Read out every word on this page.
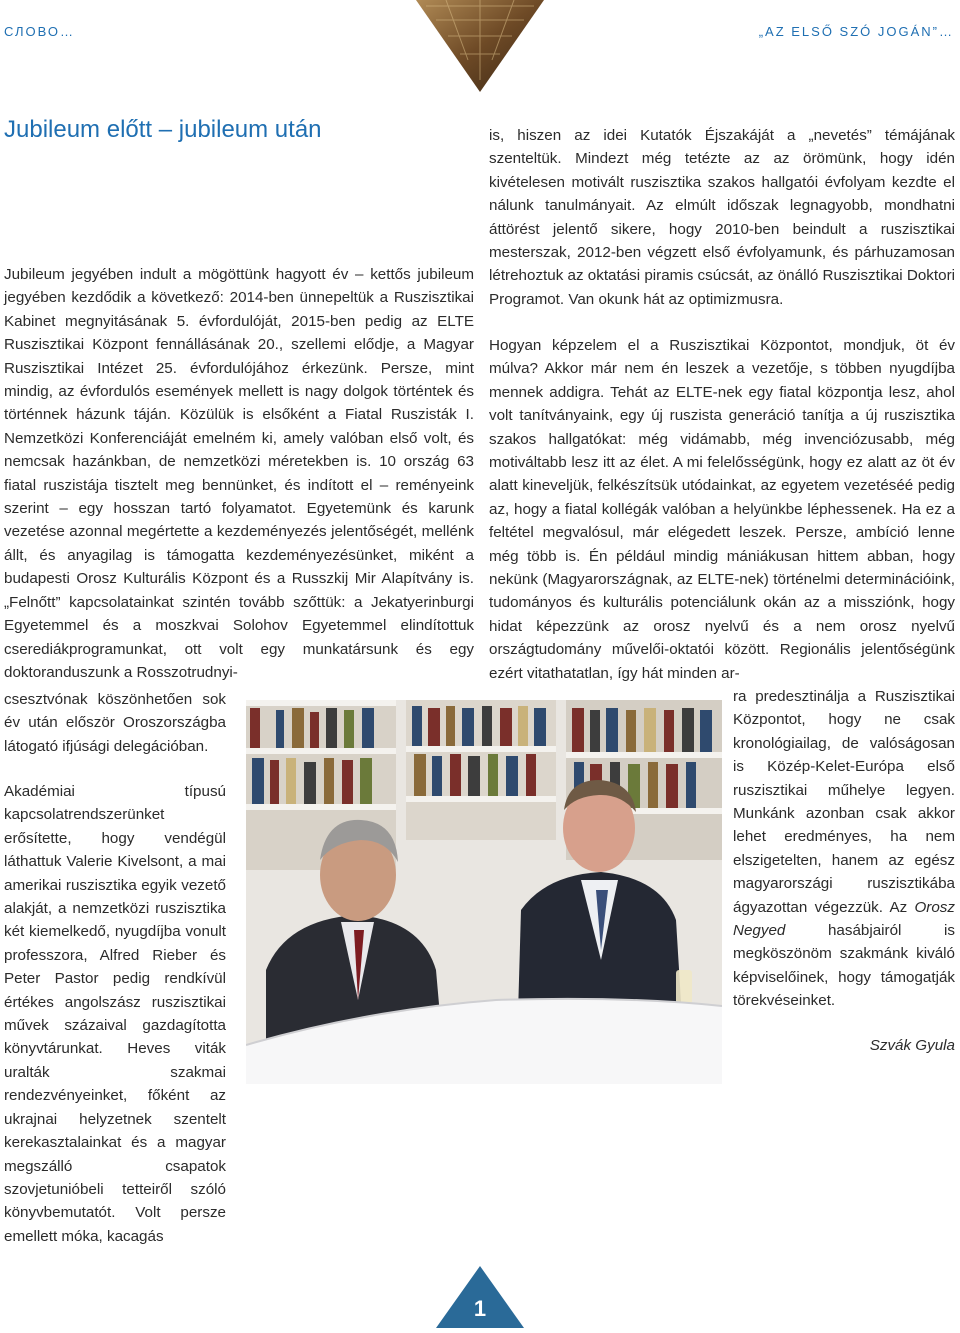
СЛОВО…	„AZ ELSŐ SZÓ JOGÁN”…
Jubileum előtt – jubileum után

Jubileum jegyében indult a mögöttünk hagyott év – kettős jubileum jegyében kezdődik a következő: 2014-ben ünnepeltük a Ruszisztikai Kabinet megnyitásának 5. évfordulóját, 2015-ben pedig az ELTE Ruszisztikai Központ fennállásának 20., szellemi elődje, a Magyar Ruszisztikai Intézet 25. évfordulójához érkezünk. Persze, mint mindig, az évfordulós események mellett is nagy dolgok történtek és történnek házunk táján. Közülük is elsőként a Fiatal Ruszisták I. Nemzetközi Konferenciáját emelném ki, amely valóban első volt, és nemcsak hazánkban, de nemzetközi méretekben is. 10 ország 63 fiatal ruszistája tisztelt meg bennünket, és indított el – reményeink szerint – egy hosszan tartó folyamatot. Egyetemünk és karunk vezetése azonnal megértette a kezdeményezés jelentőségét, mellénk állt, és anyagilag is támogatta kezdeményezésünket, miként a budapesti Orosz Kulturális Központ és a Russzkij Mir Alapítvány is. „Felnőtt” kapcsolatainkat szintén tovább szőttük: a Jekatyerinburgi Egyetemmel és a moszkvai Solohov Egyetemmel elindítottuk cserediákprogramunkat, ott volt egy munkatársunk és egy doktoranduszunk a Rosszotrudnyi-

csesztvónak köszönhetően sok év után először Oroszországba látogató ifjúsági delegációban.

Akadémiai típusú kapcsolatrendszerünket erősítette, hogy vendégül láthattuk Valerie Kivelsont, a mai amerikai ruszisztika egyik vezető alakját, a nemzetközi ruszisztika két kiemelkedő, nyugdíjba vonult professzora, Alfred Rieber és Peter Pastor pedig rendkívül értékes angolszász ruszisztikai művek százaival gazdagította könyvtárunkat. Heves viták uralták szakmai rendezvényeinket, főként az ukrajnai helyzetnek szentelt kerekasztalainkat és a magyar megszálló csapatok szovjetunióbeli tetteiről szóló könyvbemutatót. Volt persze emellett móka, kacagás

is, hiszen az idei Kutatók Éjszakáját a „nevetés” témájának szenteltük. Mindezt még tetézte az az örömünk, hogy idén kivételesen motivált ruszisztika szakos hallgatói évfolyam kezdte el nálunk tanulmányait. Az elmúlt időszak legnagyobb, mondhatni áttörést jelentő sikere, hogy 2010-ben beindult a ruszisztikai mesterszak, 2012-ben végzett első évfolyamunk, és párhuzamosan létrehoztuk az oktatási piramis csúcsát, az önálló Ruszisztikai Doktori Programot. Van okunk hát az optimizmusra.

Hogyan képzelem el a Ruszisztikai Központot, mondjuk, öt év múlva? Akkor már nem én leszek a vezetője, s többen nyugdíjba mennek addigra. Tehát az ELTE-nek egy fiatal központja lesz, ahol volt tanítványaink, egy új ruszista generáció tanítja a új ruszisztika szakos hallgatókat: még vidámabb, még invenciózusabb, még motiváltabb lesz itt az élet. A mi felelősségünk, hogy ez alatt az öt év alatt kineveljük, felkészítsük utódainkat, az egyetem vezetéséé pedig az, hogy a fiatal kollégák valóban a helyünkbe léphessenek. Ha ez a feltétel megvalósul, már elégedett leszek. Persze, ambíció lenne még több is. Én például mindig mániákusan hittem abban, hogy nekünk (Magyarországnak, az ELTE-nek) történelmi determinációink, tudományos és kulturális potenciálunk okán az a missziónk, hogy hidat képezzünk az orosz nyelvű és a nem orosz nyelvű országtudomány művelői-oktatói között. Regionális jelentőségünk ezért vitathatatlan, így hát minden ar-

ra predesztinálja a Ruszisztikai Központot, hogy ne csak kronológiailag, de valóságosan is Közép-Kelet-Európa első ruszisztikai műhelye legyen. Munkánk azonban csak akkor lehet eredményes, ha nem elszigetelten, hanem az egész magyarországi ruszisztikába ágyazottan végezzük. Az Orosz Negyed hasábjairól is megköszönöm szakmánk kiváló képviselőinek, hogy támogatják törekvéseinket.

Szvák Gyula
1
